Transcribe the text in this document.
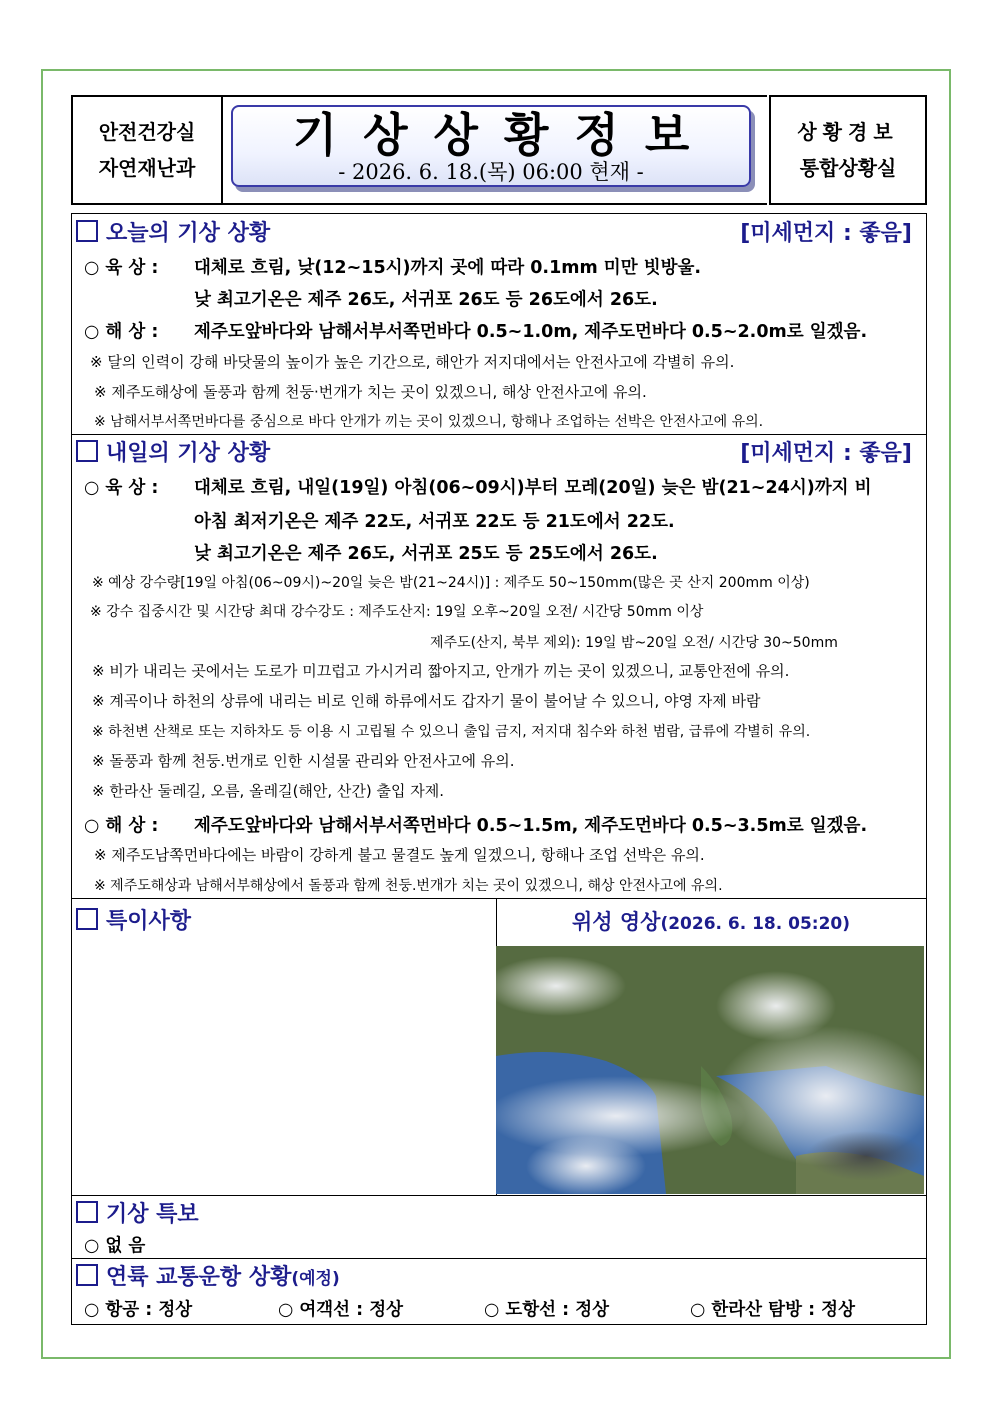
안전건강실
자연재난과
기상상황정보
- 2026. 6. 18.(목) 06:00 현재 -
상황경보
통합상황실
오늘의 기상 상황	[미세먼지 : 좋음]
○ 육 상 : 대체로 흐림, 낮(12~15시)까지 곳에 따라 0.1mm 미만 빗방울.
낮 최고기온은 제주 26도, 서귀포 26도 등 26도에서 26도.
○ 해 상 : 제주도앞바다와 남해서부서쪽먼바다 0.5~1.0m, 제주도먼바다 0.5~2.0m로 일겠음.
※ 달의 인력이 강해 바닷물의 높이가 높은 기간으로, 해안가 저지대에서는 안전사고에 각별히 유의.
※ 제주도해상에 돌풍과 함께 천둥·번개가 치는 곳이 있겠으니, 해상 안전사고에 유의.
※ 남해서부서쪽먼바다를 중심으로 바다 안개가 끼는 곳이 있겠으니, 항해나 조업하는 선박은 안전사고에 유의.
내일의 기상 상황	[미세먼지 : 좋음]
○ 육 상 : 대체로 흐림, 내일(19일) 아침(06~09시)부터 모레(20일) 늦은 밤(21~24시)까지 비
아침 최저기온은 제주 22도, 서귀포 22도 등 21도에서 22도.
낮 최고기온은 제주 26도, 서귀포 25도 등 25도에서 26도.
※ 예상 강수량[19일 아침(06~09시)~20일 늦은 밤(21~24시)] : 제주도 50~150mm(많은 곳 산지 200mm 이상)
※ 강수 집중시간 및 시간당 최대 강수강도 : 제주도산지: 19일 오후~20일 오전/ 시간당 50mm 이상
제주도(산지, 북부 제외): 19일 밤~20일 오전/ 시간당 30~50mm
※ 비가 내리는 곳에서는 도로가 미끄럽고 가시거리 짧아지고, 안개가 끼는 곳이 있겠으니, 교통안전에 유의.
※ 계곡이나 하천의 상류에 내리는 비로 인해 하류에서도 갑자기 물이 불어날 수 있으니, 야영 자제 바람
※ 하천변 산책로 또는 지하차도 등 이용 시 고립될 수 있으니 출입 금지, 저지대 침수와 하천 범람, 급류에 각별히 유의.
※ 돌풍과 함께 천둥.번개로 인한 시설물 관리와 안전사고에 유의.
※ 한라산 둘레길, 오름, 올레길(해안, 산간) 출입 자제.
○ 해 상 : 제주도앞바다와 남해서부서쪽먼바다 0.5~1.5m, 제주도먼바다 0.5~3.5m로 일겠음.
※ 제주도남쪽먼바다에는 바람이 강하게 불고 물결도 높게 일겠으니, 항해나 조업 선박은 유의.
※ 제주도해상과 남해서부해상에서 돌풍과 함께 천둥.번개가 치는 곳이 있겠으니, 해상 안전사고에 유의.
특이사항	위성 영상(2026. 6. 18. 05:20)
기상 특보
○ 없 음
연륙 교통운항 상황(예정)
○ 항공 : 정상	○ 여객선 : 정상	○ 도항선 : 정상	○ 한라산 탐방 : 정상
